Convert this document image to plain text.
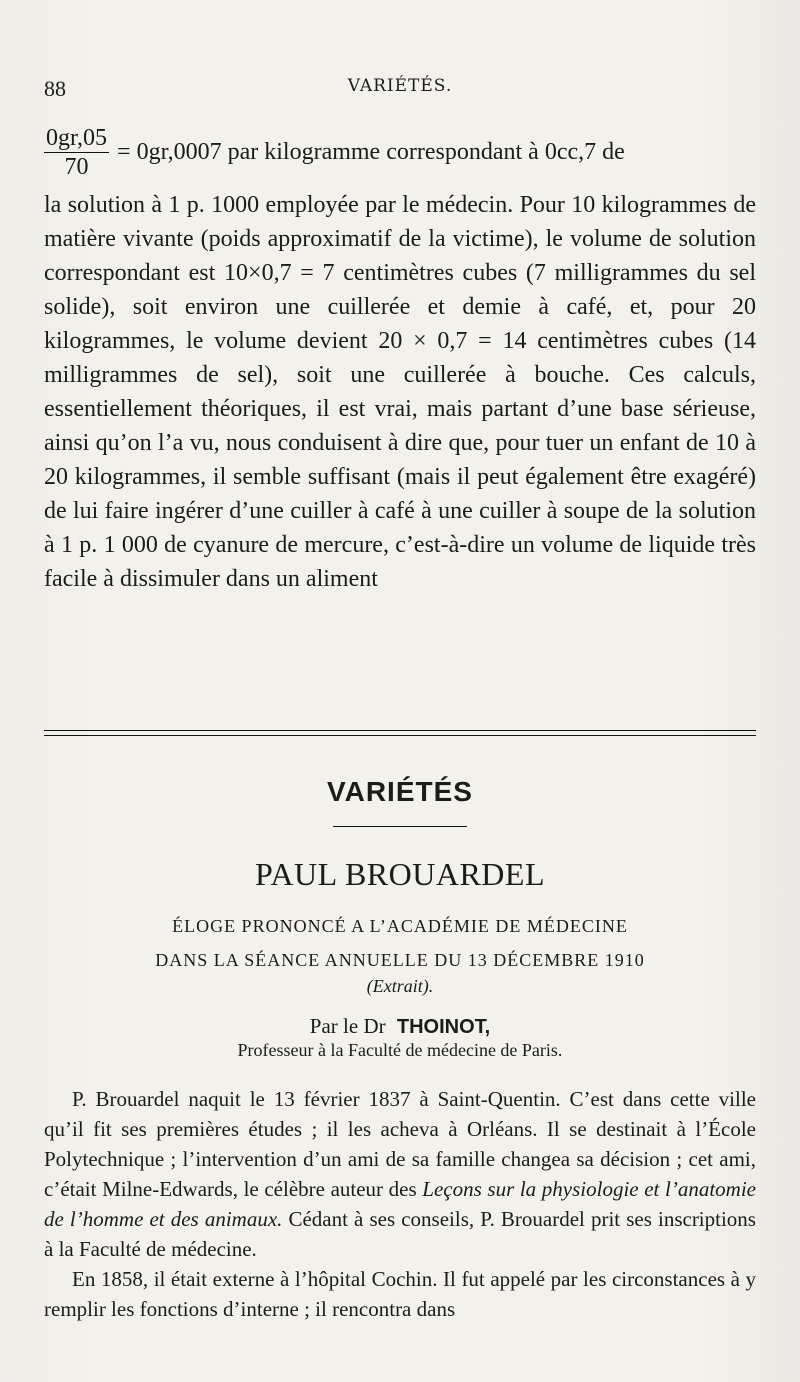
88	VARIÉTÉS.
$\frac{0gr,05}{70} = 0gr,0007$ par kilogramme correspondant à 0cc,7 de

la solution à 1 p. 1000 employée par le médecin. Pour 10 kilogrammes de matière vivante (poids approximatif de la victime), le volume de solution correspondant est 10×0,7 = 7 centimètres cubes (7 milligrammes du sel solide), soit environ une cuillerée et demie à café, et, pour 20 kilogrammes, le volume devient 20 × 0,7 = 14 centimètres cubes (14 milligrammes de sel), soit une cuillerée à bouche. Ces calculs, essentiellement théoriques, il est vrai, mais partant d’une base sérieuse, ainsi qu’on l’a vu, nous conduisent à dire que, pour tuer un enfant de 10 à 20 kilogrammes, il semble suffisant (mais il peut également être exagéré) de lui faire ingérer d’une cuiller à café à une cuiller à soupe de la solution à 1 p. 1 000 de cyanure de mercure, c’est-à-dire un volume de liquide très facile à dissimuler dans un aliment

VARIÉTÉS
PAUL BROUARDEL
ÉLOGE PRONONCÉ A L’ACADÉMIE DE MÉDECINE
DANS LA SÉANCE ANNUELLE DU 13 DÉCEMBRE 1910
(Extrait).
Par le Dr THOINOT,
Professeur à la Faculté de médecine de Paris.

P. Brouardel naquit le 13 février 1837 à Saint-Quentin. C’est dans cette ville qu’il fit ses premières études ; il les acheva à Orléans. Il se destinait à l’École Polytechnique ; l’intervention d’un ami de sa famille changea sa décision ; cet ami, c’était Milne-Edwards, le célèbre auteur des Leçons sur la physiologie et l’anatomie de l’homme et des animaux. Cédant à ses conseils, P. Brouardel prit ses inscriptions à la Faculté de médecine.

En 1858, il était externe à l’hôpital Cochin. Il fut appelé par les circonstances à y remplir les fonctions d’interne ; il rencontra dans
